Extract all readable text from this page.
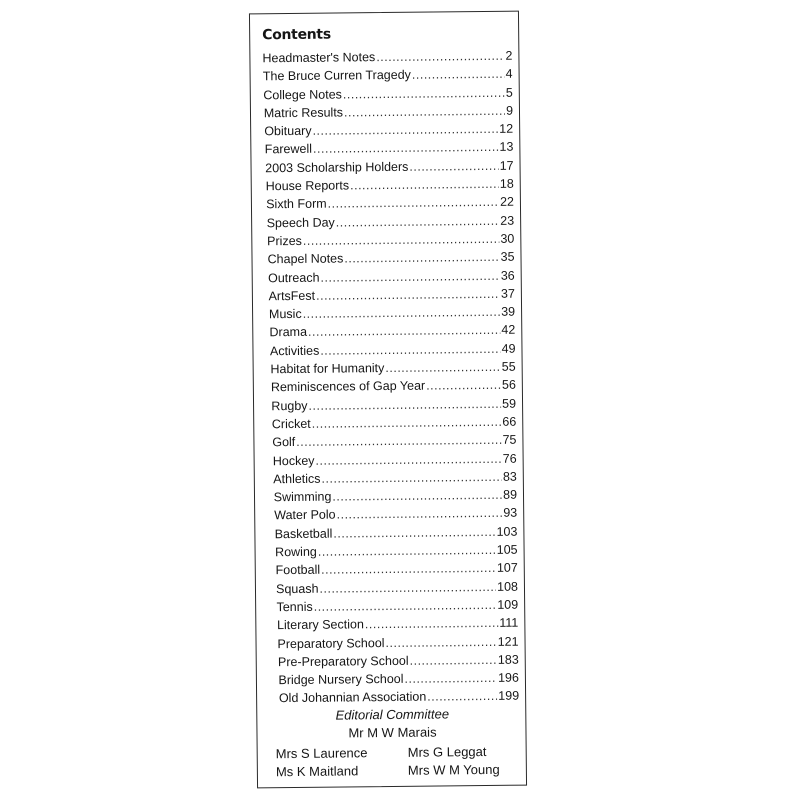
Contents
Headmaster's Notes .....	2
The Bruce Curren Tragedy .....	4
College Notes .....	5
Matric Results .....	9
Obituary .....	12
Farewell .....	13
2003 Scholarship Holders .....	17
House Reports .....	18
Sixth Form .....	22
Speech Day .....	23
Prizes .....	30
Chapel Notes .....	35
Outreach .....	36
ArtsFest .....	37
Music .....	39
Drama .....	42
Activities .....	49
Habitat for Humanity .....	55
Reminiscences of Gap Year .....	56
Rugby .....	59
Cricket .....	66
Golf .....	75
Hockey .....	76
Athletics .....	83
Swimming .....	89
Water Polo .....	93
Basketball .....	103
Rowing .....	105
Football .....	107
Squash .....	108
Tennis .....	109
Literary Section .....	111
Preparatory School .....	121
Pre-Preparatory School .....	183
Bridge Nursery School .....	196
Old Johannian Association .....	199
Editorial Committee
Mr M W Marais
Mrs S Laurence	Mrs G Leggat
Ms K Maitland	Mrs W M Young
